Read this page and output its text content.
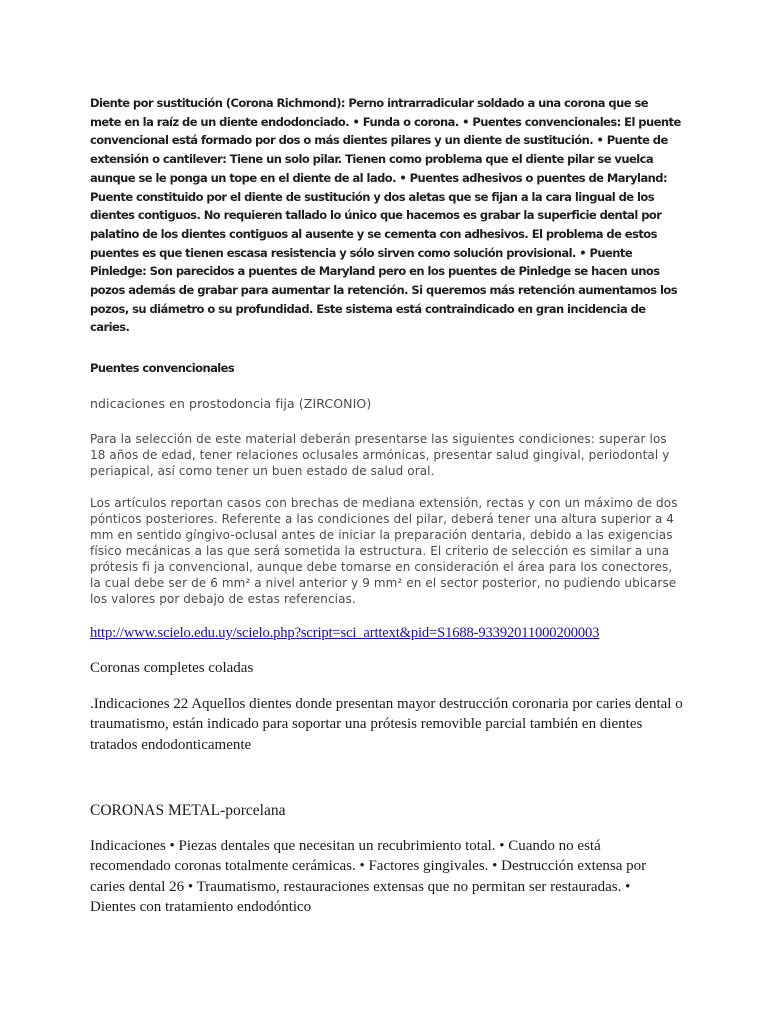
Diente por sustitución (Corona Richmond): Perno intrarradicular soldado a una corona que se mete en la raíz de un diente endodonciado. • Funda o corona. • Puentes convencionales: El puente convencional está formado por dos o más dientes pilares y un diente de sustitución. • Puente de extensión o cantilever: Tiene un solo pilar. Tienen como problema que el diente pilar se vuelca aunque se le ponga un tope en el diente de al lado. • Puentes adhesivos o puentes de Maryland: Puente constituido por el diente de sustitución y dos aletas que se fijan a la cara lingual de los dientes contiguos. No requieren tallado lo único que hacemos es grabar la superficie dental por palatino de los dientes contiguos al ausente y se cementa con adhesivos. El problema de estos puentes es que tienen escasa resistencia y sólo sirven como solución provisional. • Puente Pinledge: Son parecidos a puentes de Maryland pero en los puentes de Pinledge se hacen unos pozos además de grabar para aumentar la retención. Si queremos más retención aumentamos los pozos, su diámetro o su profundidad. Este sistema está contraindicado en gran incidencia de caries.

Puentes convencionales

ndicaciones en prostodoncia fija (ZIRCONIO)

Para la selección de este material deberán presentarse las siguientes condiciones: superar los 18 años de edad, tener relaciones oclusales armónicas, presentar salud gingival, periodontal y periapical, así como tener un buen estado de salud oral.

Los artículos reportan casos con brechas de mediana extensión, rectas y con un máximo de dos pónticos posteriores. Referente a las condiciones del pilar, deberá tener una altura superior a 4 mm en sentido gíngivo-oclusal antes de iniciar la preparación dentaria, debido a las exigencias físico mecánicas a las que será sometida la estructura. El criterio de selección es similar a una prótesis fi ja convencional, aunque debe tomarse en consideración el área para los conectores, la cual debe ser de 6 mm² a nivel anterior y 9 mm² en el sector posterior, no pudiendo ubicarse los valores por debajo de estas referencias.

http://www.scielo.edu.uy/scielo.php?script=sci_arttext&pid=S1688-93392011000200003

Coronas completes coladas

.Indicaciones 22 Aquellos dientes donde presentan mayor destrucción coronaria por caries dental o traumatismo, están indicado para soportar una prótesis removible parcial también en dientes tratados endodonticamente

CORONAS METAL-porcelana

Indicaciones • Piezas dentales que necesitan un recubrimiento total. • Cuando no está recomendado coronas totalmente cerámicas. • Factores gingivales. • Destrucción extensa por caries dental 26 • Traumatismo, restauraciones extensas que no permitan ser restauradas. • Dientes con tratamiento endodóntico
